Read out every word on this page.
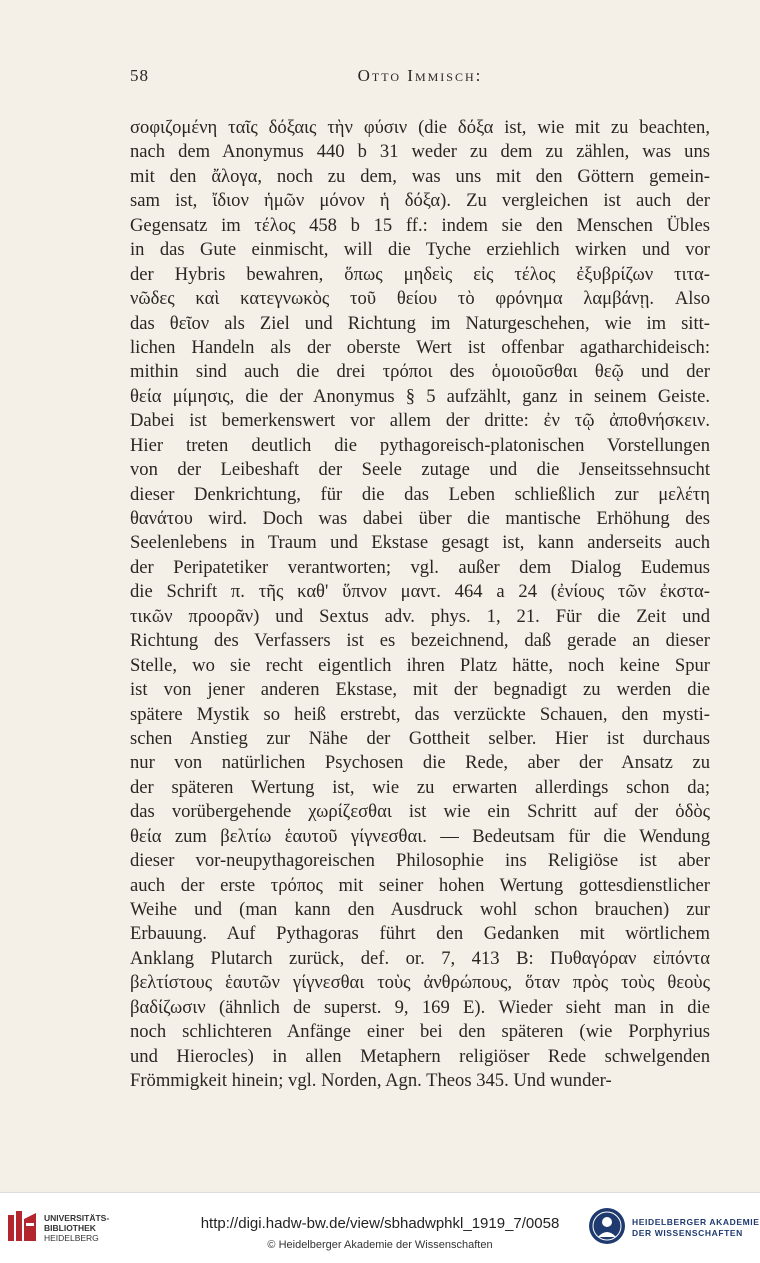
58	Otto Immisch:
σοφιζομένη ταῖς δόξαις τὴν φύσιν (die δόξα ist, wie mit zu beachten,
nach dem Anonymus 440 b 31 weder zu dem zu zählen, was uns
mit den ἄλογα, noch zu dem, was uns mit den Göttern gemein-
sam ist, ἴδιον ἡμῶν μόνον ἡ δόξα). Zu vergleichen ist auch der
Gegensatz im τέλος 458 b 15 ff.: indem sie den Menschen Übles
in das Gute einmischt, will die Tyche erziehlich wirken und vor
der Hybris bewahren, ὅπως μηδεὶς εἰς τέλος ἐξυβρίζων τιτα-
νῶδες καὶ κατεγνωκὸς τοῦ θείου τὸ φρόνημα λαμβάνῃ. Also
das θεῖον als Ziel und Richtung im Naturgeschehen, wie im sitt-
lichen Handeln als der oberste Wert ist offenbar agatharchideisch:
mithin sind auch die drei τρόποι des ὁμοιοῦσθαι θεῷ und der
θεία μίμησις, die der Anonymus § 5 aufzählt, ganz in seinem Geiste.
Dabei ist bemerkenswert vor allem der dritte: ἐν τῷ ἀποθνήσκειν.
Hier treten deutlich die pythagoreisch-platonischen Vorstellungen
von der Leibeshaft der Seele zutage und die Jenseitssehnsucht
dieser Denkrichtung, für die das Leben schließlich zur μελέτη
θανάτου wird. Doch was dabei über die mantische Erhöhung des
Seelenlebens in Traum und Ekstase gesagt ist, kann anderseits auch
der Peripatetiker verantworten; vgl. außer dem Dialog Eudemus
die Schrift π. τῆς καθ' ὕπνον μαντ. 464 a 24 (ἐνίους τῶν ἐκστα-
τικῶν προορᾶν) und Sextus adv. phys. 1, 21. Für die Zeit und
Richtung des Verfassers ist es bezeichnend, daß gerade an dieser
Stelle, wo sie recht eigentlich ihren Platz hätte, noch keine Spur
ist von jener anderen Ekstase, mit der begnadigt zu werden die
spätere Mystik so heiß erstrebt, das verzückte Schauen, den mysti-
schen Anstieg zur Nähe der Gottheit selber. Hier ist durchaus
nur von natürlichen Psychosen die Rede, aber der Ansatz zu
der späteren Wertung ist, wie zu erwarten allerdings schon da;
das vorübergehende χωρίζεσθαι ist wie ein Schritt auf der ὁδὸς
θεία zum βελτίω ἑαυτοῦ γίγνεσθαι. — Bedeutsam für die Wendung
dieser vor-neupythagoreischen Philosophie ins Religiöse ist aber
auch der erste τρόπος mit seiner hohen Wertung gottesdienstlicher
Weihe und (man kann den Ausdruck wohl schon brauchen) zur
Erbauung. Auf Pythagoras führt den Gedanken mit wörtlichem
Anklang Plutarch zurück, def. or. 7, 413 B: Πυθαγόραν εἰπόντα
βελτίστους ἑαυτῶν γίγνεσθαι τοὺς ἀνθρώπους, ὅταν πρὸς τοὺς θεοὺς
βαδίζωσιν (ähnlich de superst. 9, 169 E). Wieder sieht man in die
noch schlichteren Anfänge einer bei den späteren (wie Porphyrius
und Hierocles) in allen Metaphern religiöser Rede schwelgenden
Frömmigkeit hinein; vgl. Norden, Agn. Theos 345. Und wunder-
UNIVERSITÄTS-
BIBLIOTHEK
HEIDELBERG
http://digi.hadw-bw.de/view/sbhadwphkl_1919_7/0058
© Heidelberger Akademie der Wissenschaften
HEIDELBERGER AKADEMIE
DER WISSENSCHAFTEN
